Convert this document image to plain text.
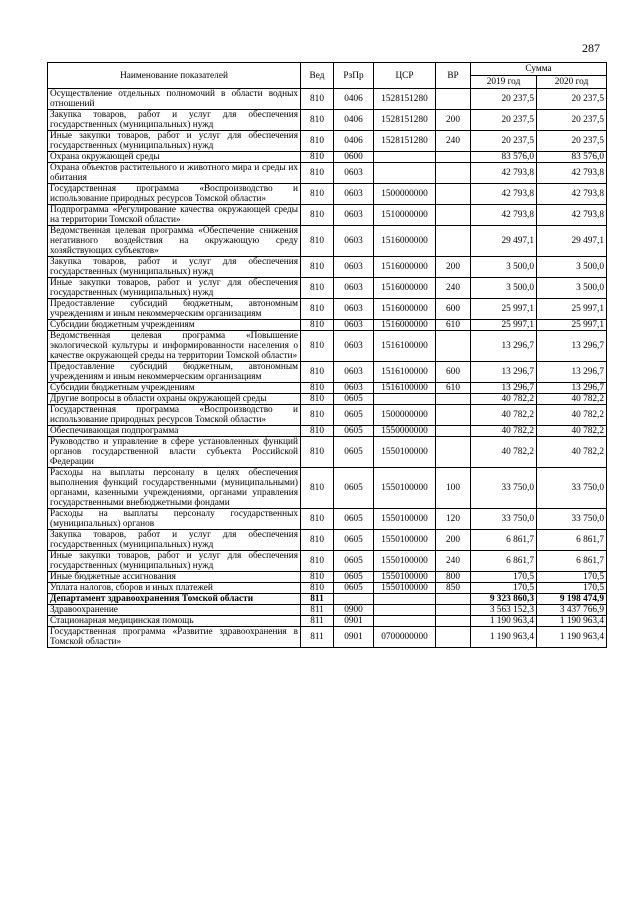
287
Наименование показателей	Вед	РзПр	ЦСР	ВР	Сумма	
					2019 год	2020 год
Осуществление отдельных полномочий в области водных отношений	810	0406	1528151280		20 237,5	20 237,5
Закупка товаров, работ и услуг для обеспечения государственных (муниципальных) нужд	810	0406	1528151280	200	20 237,5	20 237,5
Иные закупки товаров, работ и услуг для обеспечения государственных (муниципальных) нужд	810	0406	1528151280	240	20 237,5	20 237,5
Охрана окружающей среды	810	0600			83 576,0	83 576,0
Охрана объектов растительного и животного мира и среды их обитания	810	0603			42 793,8	42 793,8
Государственная программа «Воспроизводство и использование природных ресурсов Томской области»	810	0603	1500000000		42 793,8	42 793,8
Подпрограмма «Регулирование качества окружающей среды на территории Томской области»	810	0603	1510000000		42 793,8	42 793,8
Ведомственная целевая программа «Обеспечение снижения негативного воздействия на окружающую среду хозяйствующих субъектов»	810	0603	1516000000		29 497,1	29 497,1
Закупка товаров, работ и услуг для обеспечения государственных (муниципальных) нужд	810	0603	1516000000	200	3 500,0	3 500,0
Иные закупки товаров, работ и услуг для обеспечения государственных (муниципальных) нужд	810	0603	1516000000	240	3 500,0	3 500,0
Предоставление субсидий бюджетным, автономным учреждениям и иным некоммерческим организациям	810	0603	1516000000	600	25 997,1	25 997,1
Субсидии бюджетным учреждениям	810	0603	1516000000	610	25 997,1	25 997,1
Ведомственная целевая программа «Повышение экологической культуры и информированности населения о качестве окружающей среды на территории Томской области»	810	0603	1516100000		13 296,7	13 296,7
Предоставление субсидий бюджетным, автономным учреждениям и иным некоммерческим организациям	810	0603	1516100000	600	13 296,7	13 296,7
Субсидии бюджетным учреждениям	810	0603	1516100000	610	13 296,7	13 296,7
Другие вопросы в области охраны окружающей среды	810	0605			40 782,2	40 782,2
Государственная программа «Воспроизводство и использование природных ресурсов Томской области»	810	0605	1500000000		40 782,2	40 782,2
Обеспечивающая подпрограмма	810	0605	1550000000		40 782,2	40 782,2
Руководство и управление в сфере установленных функций органов государственной власти субъекта Российской Федерации	810	0605	1550100000		40 782,2	40 782,2
Расходы на выплаты персоналу в целях обеспечения выполнения функций государственными (муниципальными) органами, казенными учреждениями, органами управления государственными внебюджетными фондами	810	0605	1550100000	100	33 750,0	33 750,0
Расходы на выплаты персоналу государственных (муниципальных) органов	810	0605	1550100000	120	33 750,0	33 750,0
Закупка товаров, работ и услуг для обеспечения государственных (муниципальных) нужд	810	0605	1550100000	200	6 861,7	6 861,7
Иные закупки товаров, работ и услуг для обеспечения государственных (муниципальных) нужд	810	0605	1550100000	240	6 861,7	6 861,7
Иные бюджетные ассигнования	810	0605	1550100000	800	170,5	170,5
Уплата налогов, сборов и иных платежей	810	0605	1550100000	850	170,5	170,5
Департамент здравоохранения Томской области	811				9 323 860,3	9 198 474,9
Здравоохранение	811	0900			3 563 152,3	3 437 766,9
Стационарная медицинская помощь	811	0901			1 190 963,4	1 190 963,4
Государственная программа «Развитие здравоохранения в Томской области»	811	0901	0700000000		1 190 963,4	1 190 963,4
